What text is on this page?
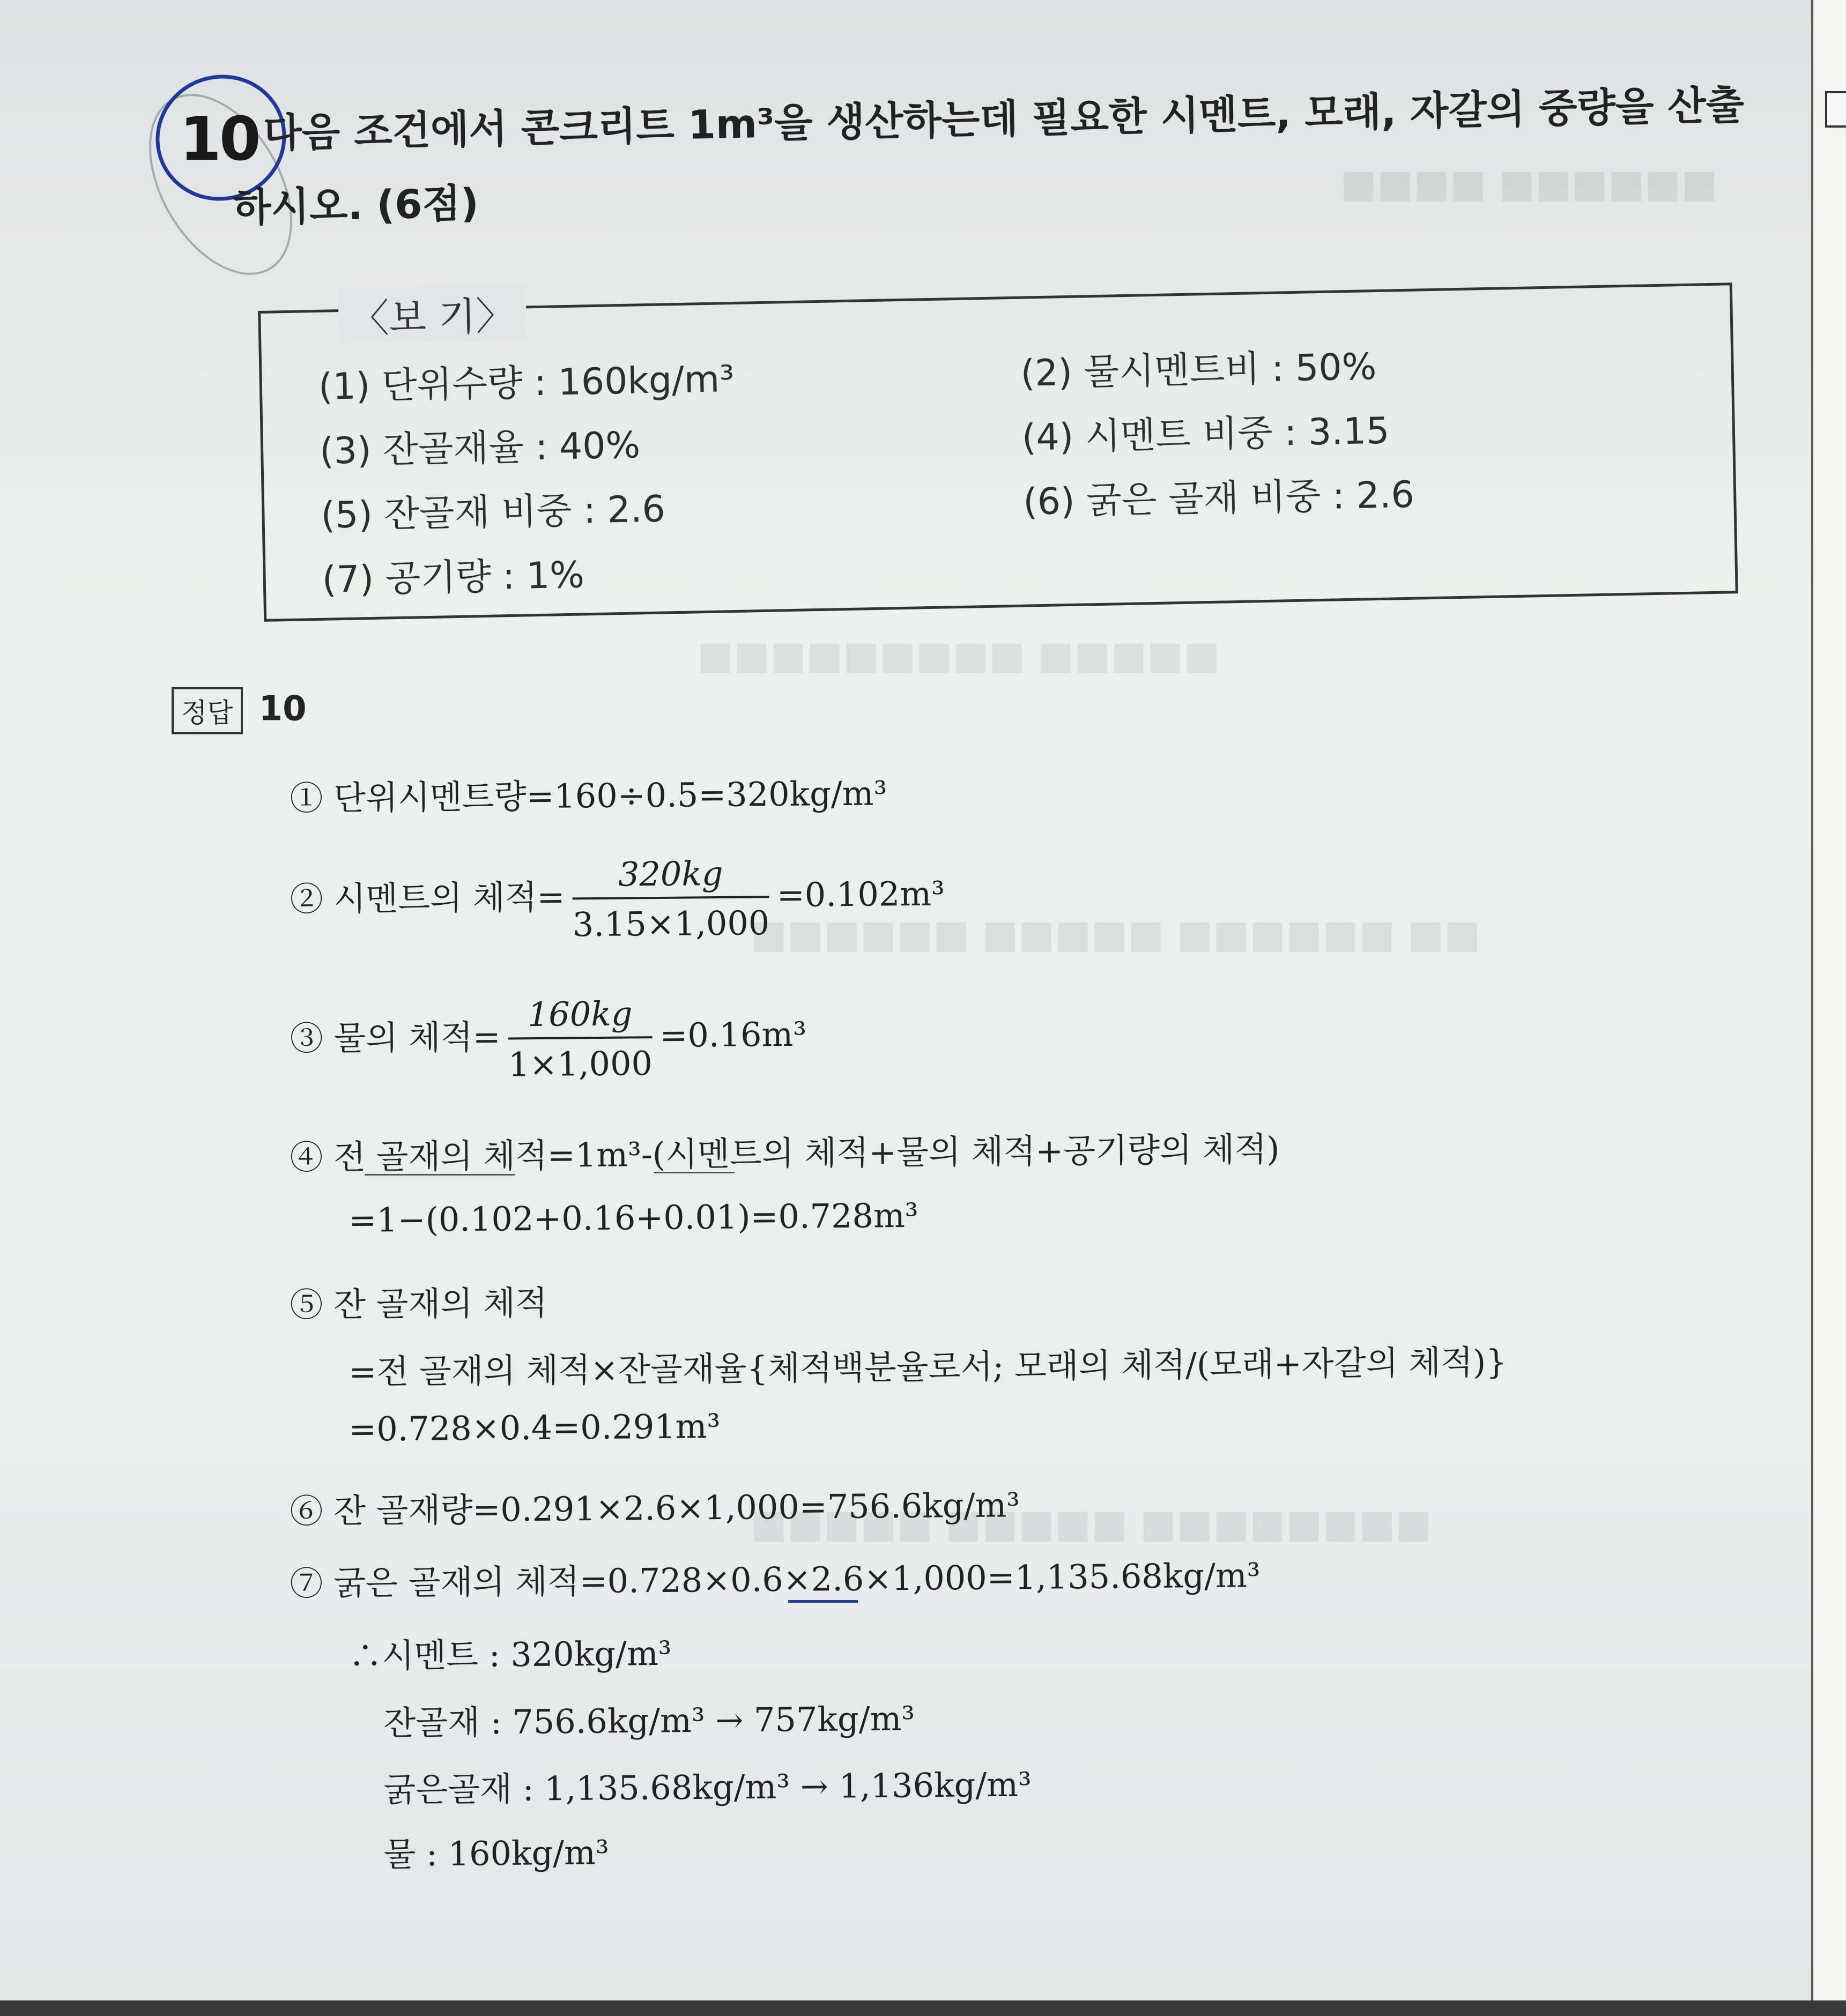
■■■■ ■■■■■■
■■■■■■■■■ ■■■■■
■■■■■■ ■■■■■ ■■■■■■ ■■
■■■■■ ■■■■■ ■■■■■■■■
10 다음 조건에서 콘크리트 1m³을 생산하는데 필요한 시멘트, 모래, 자갈의 중량을 산출
하시오. (6점)
〈보 기〉
(1) 단위수량 : 160kg/m³	(2) 물시멘트비 : 50%
(3) 잔골재율 : 40%	(4) 시멘트 비중 : 3.15
(5) 잔골재 비중 : 2.6	(6) 굵은 골재 비중 : 2.6
(7) 공기량 : 1%
정답 10
① 단위시멘트량=160÷0.5=320kg/m³
② 시멘트의 체적= $\frac{320kg}{3.15\times 1,000} =0.102m^3$
③ 물의 체적= $\frac{160kg}{1\times 1,000} =0.16m^3$
④ 전 골재의 체적=1m³-(시멘트의 체적+물의 체적+공기량의 체적)
=1−(0.102+0.16+0.01)=0.728m³
⑤ 잔 골재의 체적
=전 골재의 체적×잔골재율{체적백분율로서; 모래의 체적/(모래+자갈의 체적)}
=0.728×0.4=0.291m³
⑥ 잔 골재량=0.291×2.6×1,000=756.6kg/m³
⑦ 굵은 골재의 체적=0.728×0.6×2.6×1,000=1,135.68kg/m³
∴시멘트 : 320kg/m³
잔골재 : 756.6kg/m³ → 757kg/m³
굵은골재 : 1,135.68kg/m³ → 1,136kg/m³
물 : 160kg/m³
